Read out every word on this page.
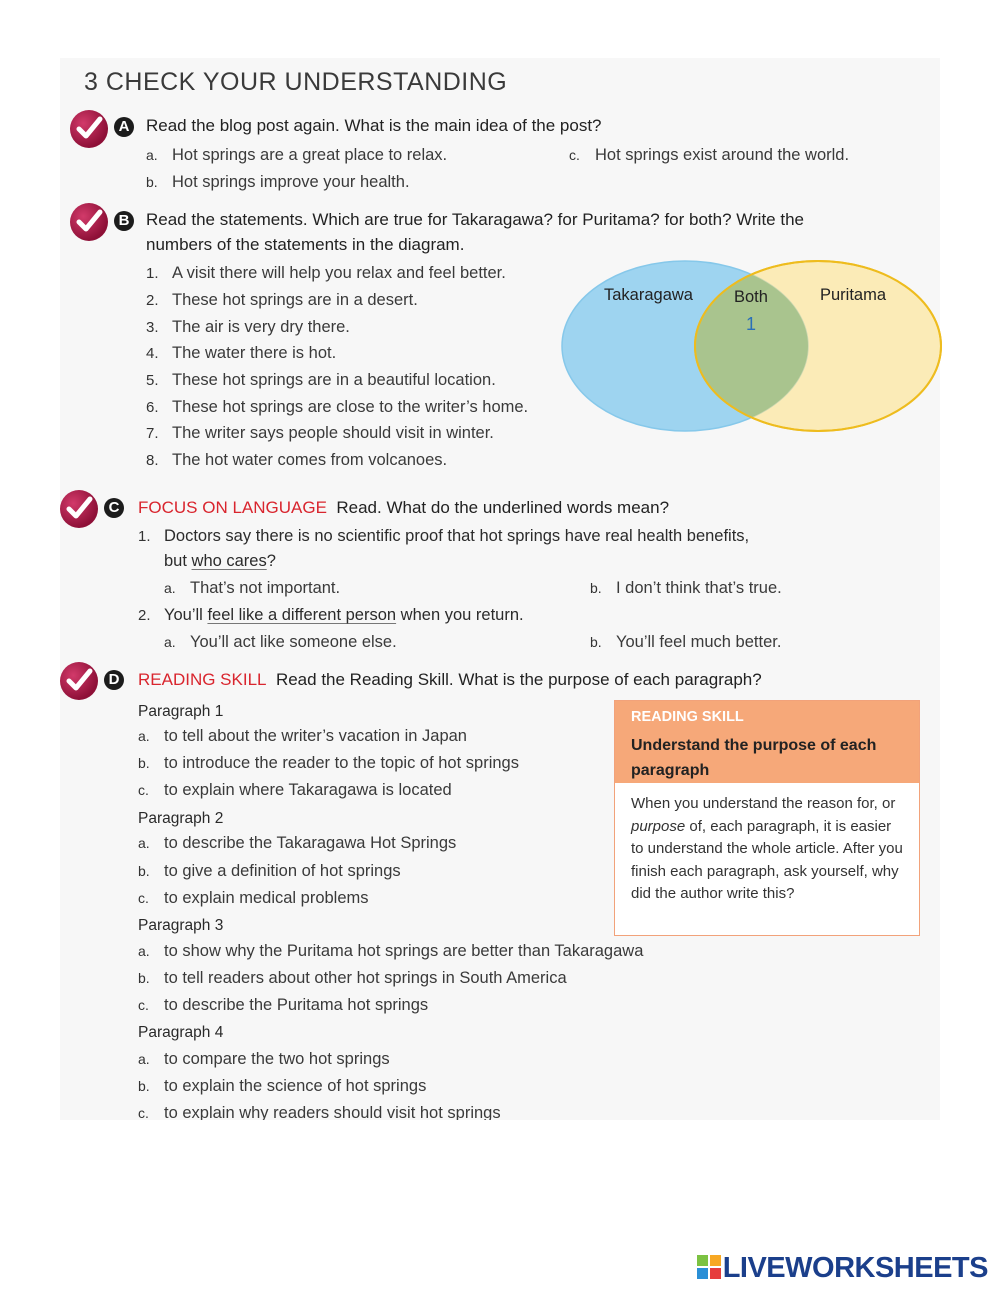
3 CHECK YOUR UNDERSTANDING
A Read the blog post again. What is the main idea of the post?
a. Hot springs are a great place to relax.
b. Hot springs improve your health.
c. Hot springs exist around the world.
B Read the statements. Which are true for Takaragawa? for Puritama? for both? Write the
numbers of the statements in the diagram.
1. A visit there will help you relax and feel better.
2. These hot springs are in a desert.
3. The air is very dry there.
4. The water there is hot.
5. These hot springs are in a beautiful location.
6. These hot springs are close to the writer’s home.
7. The writer says people should visit in winter.
8. The hot water comes from volcanoes.
Takaragawa Both	Puritama
1
C FOCUS ON LANGUAGE Read. What do the underlined words mean?
1. Doctors say there is no scientific proof that hot springs have real health benefits,
but who cares?
a. That’s not important.	b. I don’t think that’s true.
2. You’ll feel like a different person when you return.
a. You’ll act like someone else.	b. You’ll feel much better.
D READING SKILL Read the Reading Skill. What is the purpose of each paragraph?
Paragraph 1
a. to tell about the writer’s vacation in Japan
b. to introduce the reader to the topic of hot springs
c. to explain where Takaragawa is located
Paragraph 2
a. to describe the Takaragawa Hot Springs
b. to give a definition of hot springs
c. to explain medical problems
Paragraph 3
a. to show why the Puritama hot springs are better than Takaragawa
b. to tell readers about other hot springs in South America
c. to describe the Puritama hot springs
Paragraph 4
a. to compare the two hot springs
b. to explain the science of hot springs
c. to explain why readers should visit hot springs
READING SKILL
Understand the purpose of each paragraph
When you understand the reason for, or purpose of, each paragraph, it is easier to understand the whole article. After you finish each paragraph, ask yourself, why did the author write this?
LIVEWORKSHEETS
